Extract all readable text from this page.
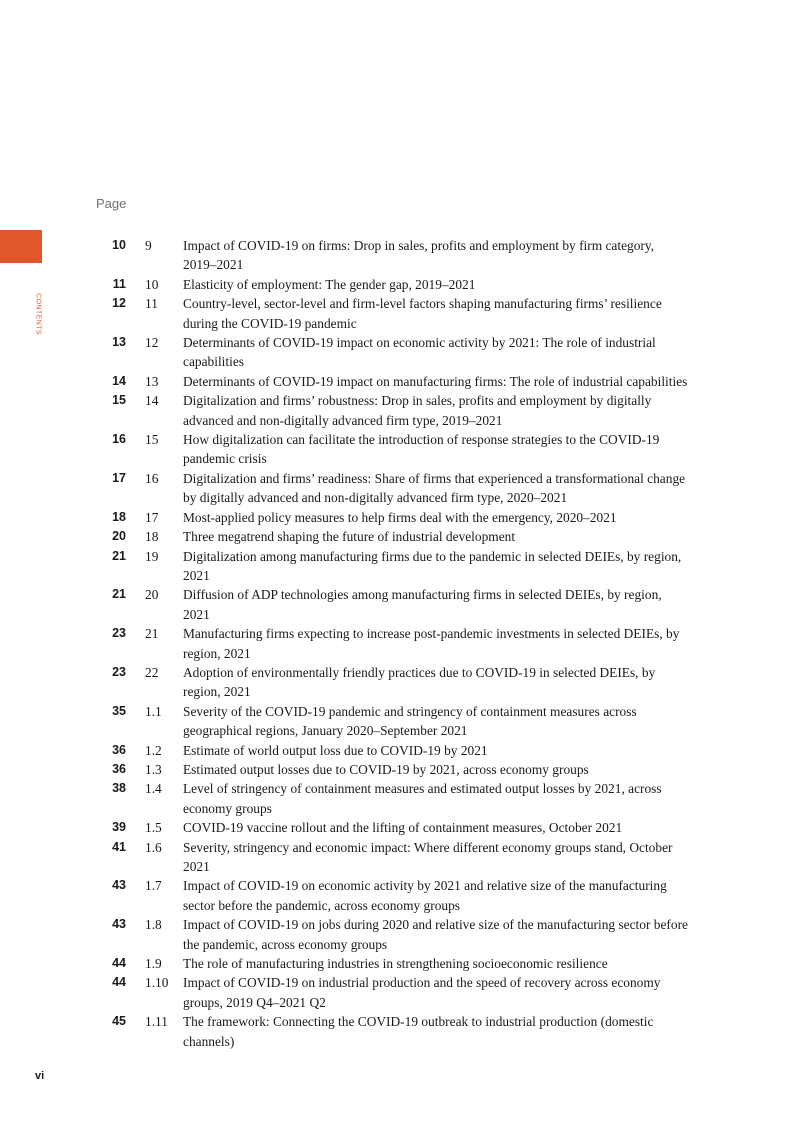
CONTENTS
Page
10 9	Impact of COVID-19 on firms: Drop in sales, profits and employment by firm category, 2019–2021
11 10	Elasticity of employment: The gender gap, 2019–2021
12 11	Country-level, sector-level and firm-level factors shaping manufacturing firms’ resilience during the COVID-19 pandemic
13 12	Determinants of COVID-19 impact on economic activity by 2021: The role of industrial capabilities
14 13	Determinants of COVID-19 impact on manufacturing firms: The role of industrial capabilities
15 14	Digitalization and firms’ robustness: Drop in sales, profits and employment by digitally advanced and non-digitally advanced firm type, 2019–2021
16 15	How digitalization can facilitate the introduction of response strategies to the COVID-19 pandemic crisis
17 16	Digitalization and firms’ readiness: Share of firms that experienced a transformational change by digitally advanced and non-digitally advanced firm type, 2020–2021
18 17	Most-applied policy measures to help firms deal with the emergency, 2020–2021
20 18	Three megatrend shaping the future of industrial development
21 19	Digitalization among manufacturing firms due to the pandemic in selected DEIEs, by region, 2021
21 20	Diffusion of ADP technologies among manufacturing firms in selected DEIEs, by region, 2021
23 21	Manufacturing firms expecting to increase post-pandemic investments in selected DEIEs, by region, 2021
23 22	Adoption of environmentally friendly practices due to COVID-19 in selected DEIEs, by region, 2021
35 1.1	Severity of the COVID-19 pandemic and stringency of containment measures across geographical regions, January 2020–September 2021
36 1.2	Estimate of world output loss due to COVID-19 by 2021
36 1.3	Estimated output losses due to COVID-19 by 2021, across economy groups
38 1.4	Level of stringency of containment measures and estimated output losses by 2021, across economy groups
39 1.5	COVID-19 vaccine rollout and the lifting of containment measures, October 2021
41 1.6	Severity, stringency and economic impact: Where different economy groups stand, October 2021
43 1.7	Impact of COVID-19 on economic activity by 2021 and relative size of the manufacturing sector before the pandemic, across economy groups
43 1.8	Impact of COVID-19 on jobs during 2020 and relative size of the manufacturing sector before the pandemic, across economy groups
44 1.9	The role of manufacturing industries in strengthening socioeconomic resilience
44 1.10	Impact of COVID-19 on industrial production and the speed of recovery across economy groups, 2019 Q4–2021 Q2
45 1.11	The framework: Connecting the COVID-19 outbreak to industrial production (domestic channels)
vi
